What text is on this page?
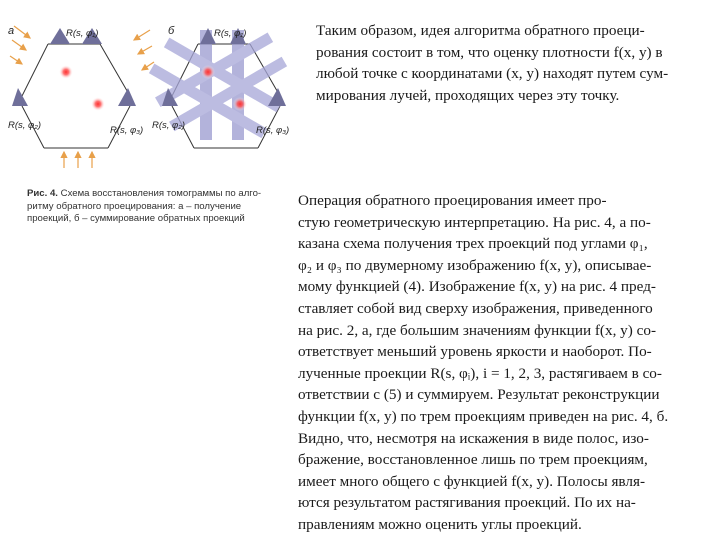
а	R(s, φ₁)
R(s, φ₂)	R(s, φ₃)
б	R(s, φ₁)
R(s, φ₂)	R(s, φ₃)
Рис. 4. Схема восстановления томограммы по алго-
ритму обратного проецирования: а – получение
проекций, б – суммирование обратных проекций
Таким образом, идея алгоритма обратного проеци-
рования состоит в том, что оценку плотности f(x, y) в
любой точке с координатами (x, y) находят путем сум-
мирования лучей, проходящих через эту точку.
Операция обратного проецирования имеет про-
стую геометрическую интерпретацию. На рис. 4, а по-
казана схема получения трех проекций под углами φ₁,
φ₂ и φ₃ по двумерному изображению f(x, y), описывае-
мому функцией (4). Изображение f(x, y) на рис. 4 пред-
ставляет собой вид сверху изображения, приведенного
на рис. 2, а, где большим значениям функции f(x, y) со-
ответствует меньший уровень яркости и наоборот. По-
лученные проекции R(s, φᵢ), i = 1, 2, 3, растягиваем в со-
ответствии с (5) и суммируем. Результат реконструкции
функции f(x, y) по трем проекциям приведен на рис. 4, б.
Видно, что, несмотря на искажения в виде полос, изо-
бражение, восстановленное лишь по трем проекциям,
имеет много общего с функцией f(x, y). Полосы явля-
ются результатом растягивания проекций. По их на-
правлениям можно оценить углы проекций.
